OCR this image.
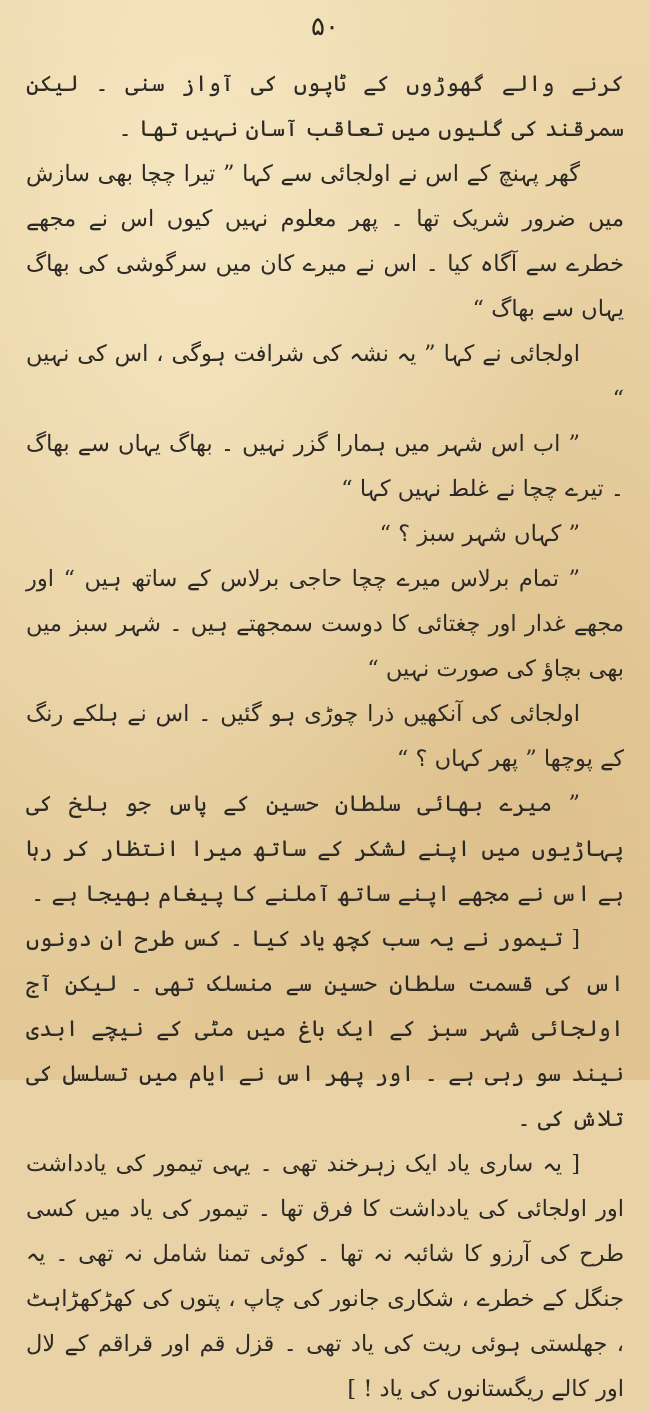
۵۰

کرنے والے گھوڑوں کے ٹاپوں کی آواز سنی ۔ لیکن سمرقند کی گلیوں میں تعاقب آسان نہیں تھا ۔

گھر پہنچ کے اس نے اولجائی سے کہا ” تیرا چچا بھی سازش میں ضرور شریک تھا ۔ پھر معلوم نہیں کیوں اس نے مجھے خطرے سے آگاہ کیا ۔ اس نے میرے کان میں سرگوشی کی بھاگ یہاں سے بھاگ “

اولجائی نے کہا ” یہ نشہ کی شرافت ہوگی ، اس کی نہیں “

” اب اس شہر میں ہمارا گزر نہیں ۔ بھاگ یہاں سے بھاگ ۔ تیرے چچا نے غلط نہیں کہا “

” کہاں شہر سبز ؟ “

” تمام برلاس میرے چچا حاجی برلاس کے ساتھ ہیں “ اور مجھے غدار اور چغتائی کا دوست سمجھتے ہیں ۔ شہر سبز میں بھی بچاؤ کی صورت نہیں “

اولجائی کی آنکھیں ذرا چوڑی ہو گئیں ۔ اس نے ہلکے رنگ کے پوچھا ” پھر کہاں ؟ “

” میرے بھائی سلطان حسین کے پاس جو بلخ کی پہاڑیوں میں اپنے لشکر کے ساتھ میرا انتظار کر رہا ہے اس نے مجھے اپنے ساتھ آملنے کا پیغام بھیجا ہے ۔

[ تیمور نے یہ سب کچھ یاد کیا ۔ کس طرح ان دونوں اس کی قسمت سلطان حسین سے منسلک تھی ۔ لیکن آج اولجائی شہر سبز کے ایک باغ میں مٹی کے نیچے ابدی نیند سو رہی ہے ۔ اور پھر اس نے ایام میں تسلسل کی تلاش کی ۔

[ یہ ساری یاد ایک زہرخند تھی ۔ یہی تیمور کی یادداشت اور اولجائی کی یادداشت کا فرق تھا ۔ تیمور کی یاد میں کسی طرح کی آرزو کا شائبہ نہ تھا ۔ کوئی تمنا شامل نہ تھی ۔ یہ جنگل کے خطرے ، شکاری جانور کی چاپ ، پتوں کی کھڑکھڑاہٹ ، جھلستی ہوئی ریت کی یاد تھی ۔ قزل قم اور قراقم کے لال اور کالے ریگستانوں کی یاد ! ]
